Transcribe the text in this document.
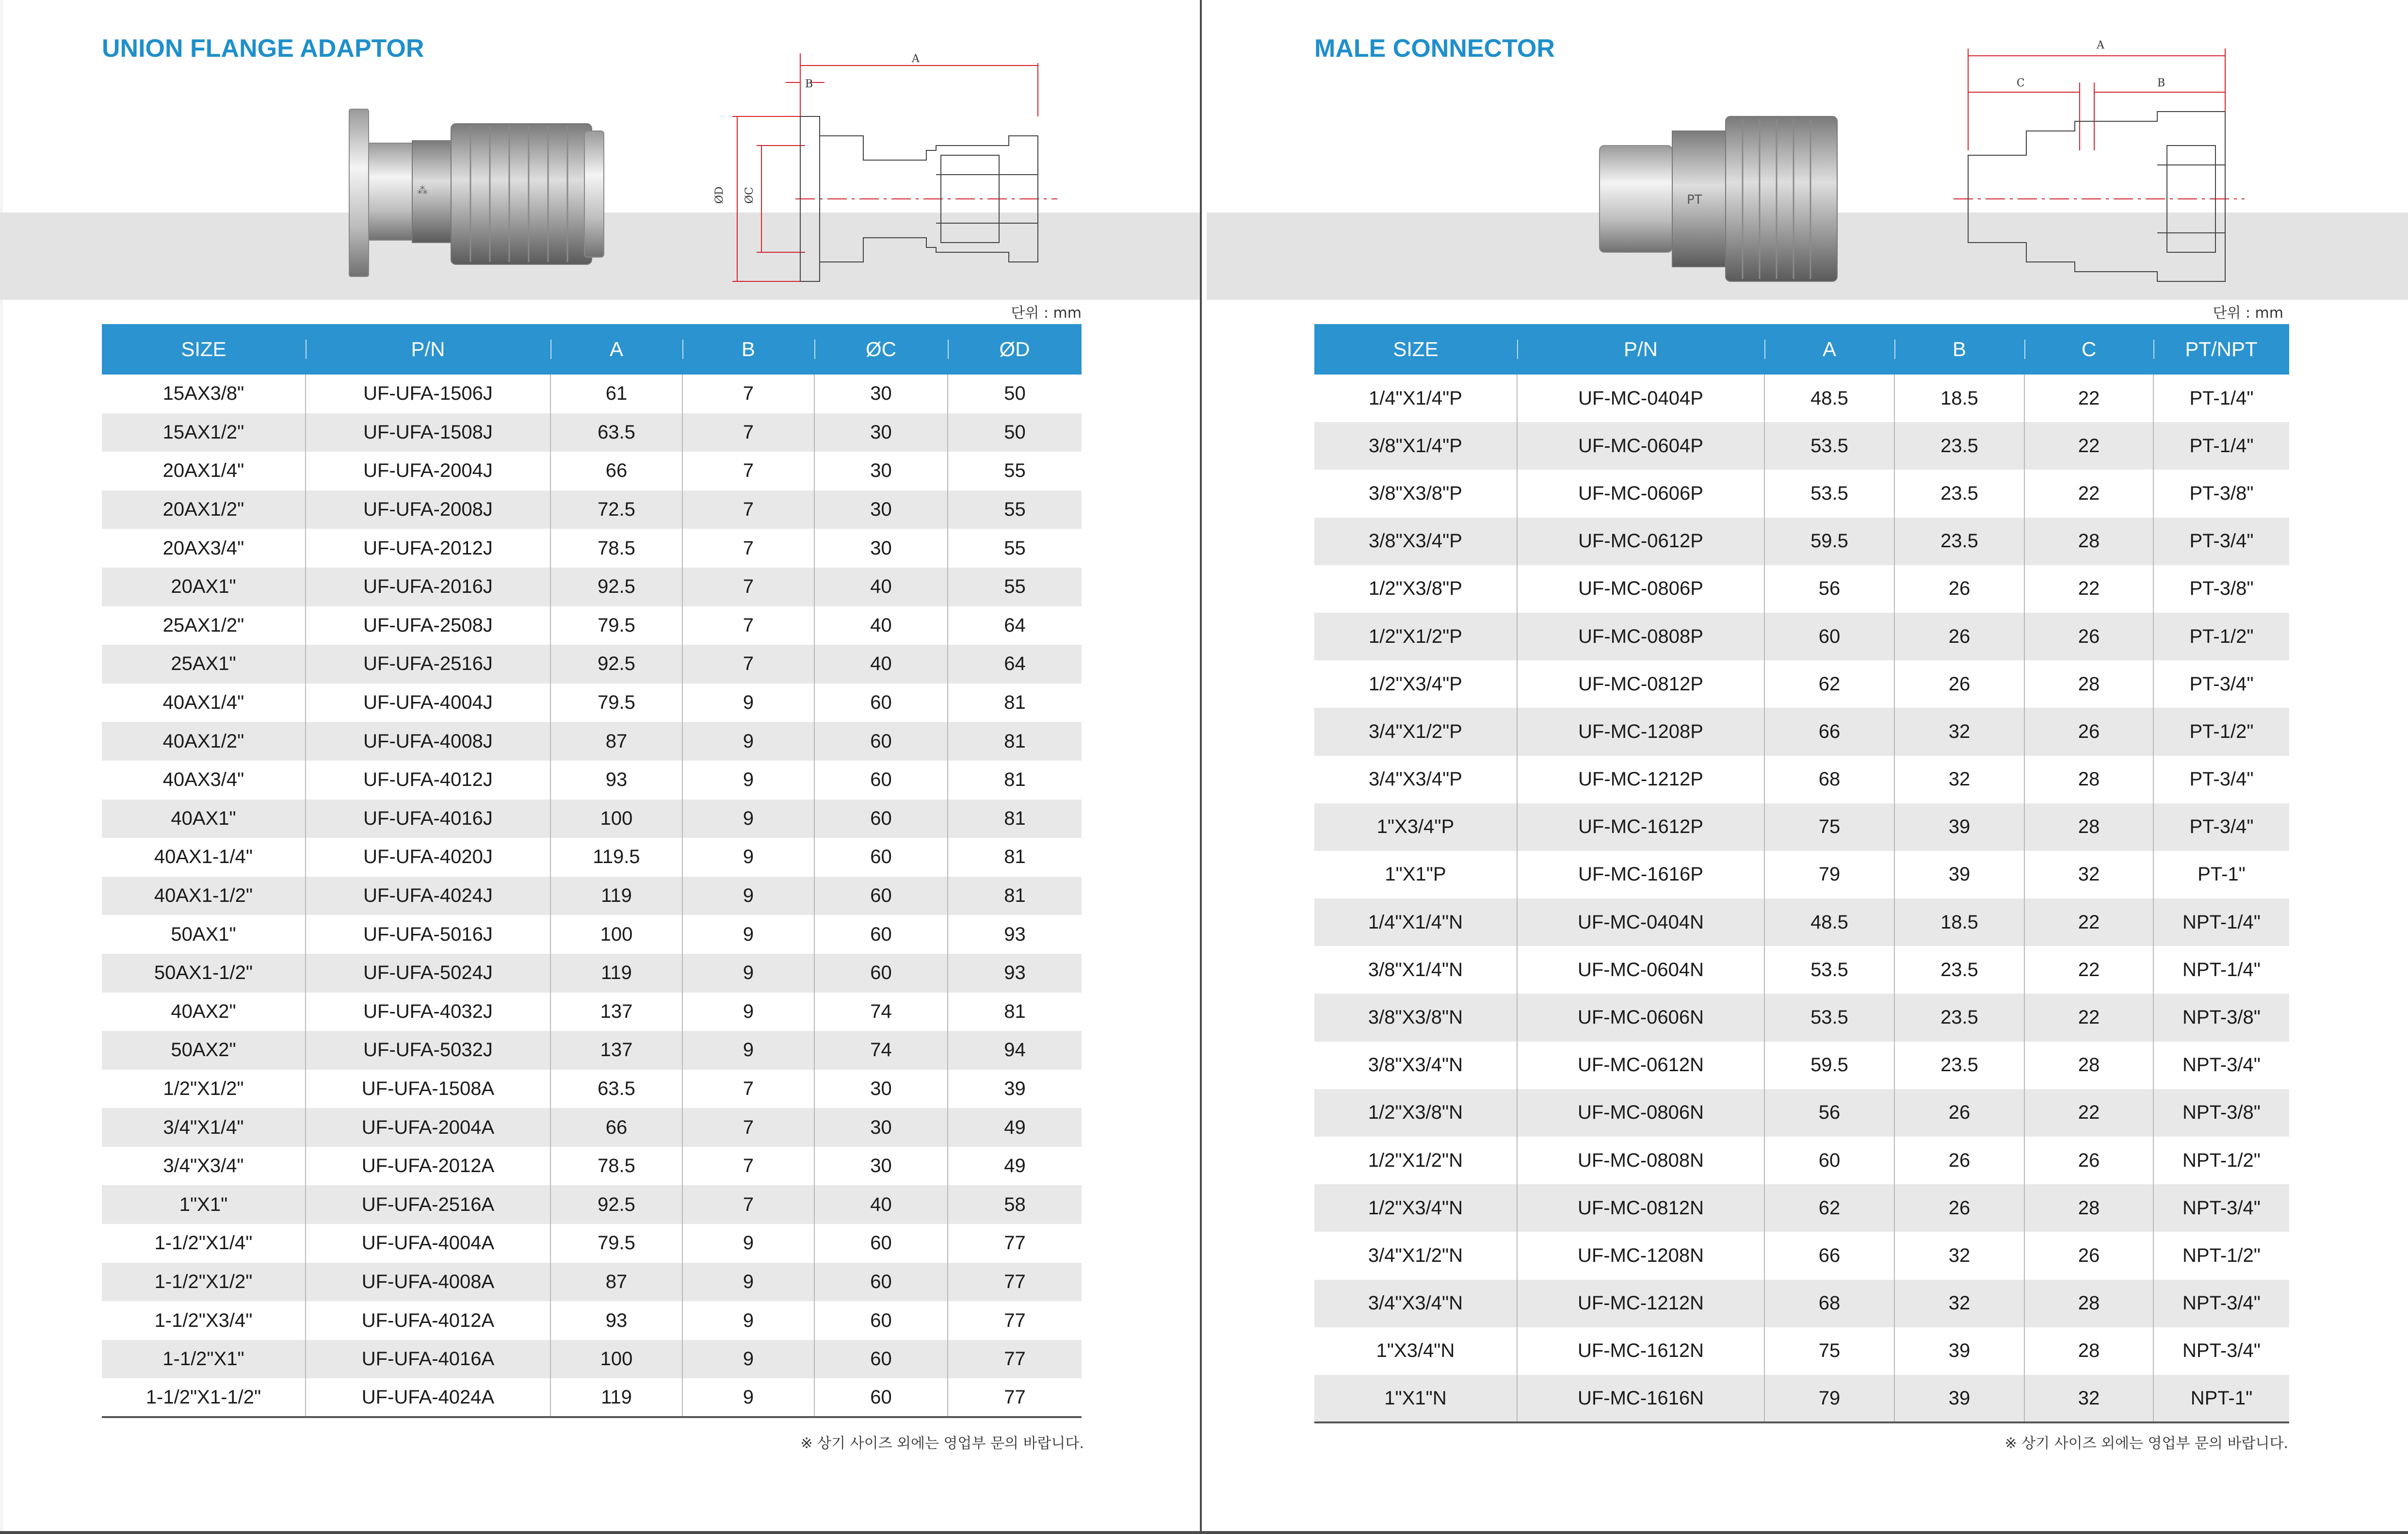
UNION FLANGE ADAPTOR
⁂
A
B
ØD ØC
단위 : mm
SIZE	P/N	A	B	ØC	ØD
15AX3/8"	UF-UFA-1506J	61	7	30	50
15AX1/2"	UF-UFA-1508J	63.5	7	30	50
20AX1/4"	UF-UFA-2004J	66	7	30	55
20AX1/2"	UF-UFA-2008J	72.5	7	30	55
20AX3/4"	UF-UFA-2012J	78.5	7	30	55
20AX1"	UF-UFA-2016J	92.5	7	40	55
25AX1/2"	UF-UFA-2508J	79.5	7	40	64
25AX1"	UF-UFA-2516J	92.5	7	40	64
40AX1/4"	UF-UFA-4004J	79.5	9	60	81
40AX1/2"	UF-UFA-4008J	87	9	60	81
40AX3/4"	UF-UFA-4012J	93	9	60	81
40AX1"	UF-UFA-4016J	100	9	60	81
40AX1-1/4"	UF-UFA-4020J	119.5	9	60	81
40AX1-1/2"	UF-UFA-4024J	119	9	60	81
50AX1"	UF-UFA-5016J	100	9	60	93
50AX1-1/2"	UF-UFA-5024J	119	9	60	93
40AX2"	UF-UFA-4032J	137	9	74	81
50AX2"	UF-UFA-5032J	137	9	74	94
1/2"X1/2"	UF-UFA-1508A	63.5	7	30	39
3/4"X1/4"	UF-UFA-2004A	66	7	30	49
3/4"X3/4"	UF-UFA-2012A	78.5	7	30	49
1"X1"	UF-UFA-2516A	92.5	7	40	58
1-1/2"X1/4"	UF-UFA-4004A	79.5	9	60	77
1-1/2"X1/2"	UF-UFA-4008A	87	9	60	77
1-1/2"X3/4"	UF-UFA-4012A	93	9	60	77
1-1/2"X1"	UF-UFA-4016A	100	9	60	77
1-1/2"X1-1/2"	UF-UFA-4024A	119	9	60	77
※ 상기 사이즈 외에는 영업부 문의 바랍니다.
MALE CONNECTOR
PT
A
C	B
단위 : mm
SIZE	P/N	A	B	C	PT/NPT
1/4"X1/4"P	UF-MC-0404P	48.5	18.5	22	PT-1/4"
3/8"X1/4"P	UF-MC-0604P	53.5	23.5	22	PT-1/4"
3/8"X3/8"P	UF-MC-0606P	53.5	23.5	22	PT-3/8"
3/8"X3/4"P	UF-MC-0612P	59.5	23.5	28	PT-3/4"
1/2"X3/8"P	UF-MC-0806P	56	26	22	PT-3/8"
1/2"X1/2"P	UF-MC-0808P	60	26	26	PT-1/2"
1/2"X3/4"P	UF-MC-0812P	62	26	28	PT-3/4"
3/4"X1/2"P	UF-MC-1208P	66	32	26	PT-1/2"
3/4"X3/4"P	UF-MC-1212P	68	32	28	PT-3/4"
1"X3/4"P	UF-MC-1612P	75	39	28	PT-3/4"
1"X1"P	UF-MC-1616P	79	39	32	PT-1"
1/4"X1/4"N	UF-MC-0404N	48.5	18.5	22	NPT-1/4"
3/8"X1/4"N	UF-MC-0604N	53.5	23.5	22	NPT-1/4"
3/8"X3/8"N	UF-MC-0606N	53.5	23.5	22	NPT-3/8"
3/8"X3/4"N	UF-MC-0612N	59.5	23.5	28	NPT-3/4"
1/2"X3/8"N	UF-MC-0806N	56	26	22	NPT-3/8"
1/2"X1/2"N	UF-MC-0808N	60	26	26	NPT-1/2"
1/2"X3/4"N	UF-MC-0812N	62	26	28	NPT-3/4"
3/4"X1/2"N	UF-MC-1208N	66	32	26	NPT-1/2"
3/4"X3/4"N	UF-MC-1212N	68	32	28	NPT-3/4"
1"X3/4"N	UF-MC-1612N	75	39	28	NPT-3/4"
1"X1"N	UF-MC-1616N	79	39	32	NPT-1"
※ 상기 사이즈 외에는 영업부 문의 바랍니다.
